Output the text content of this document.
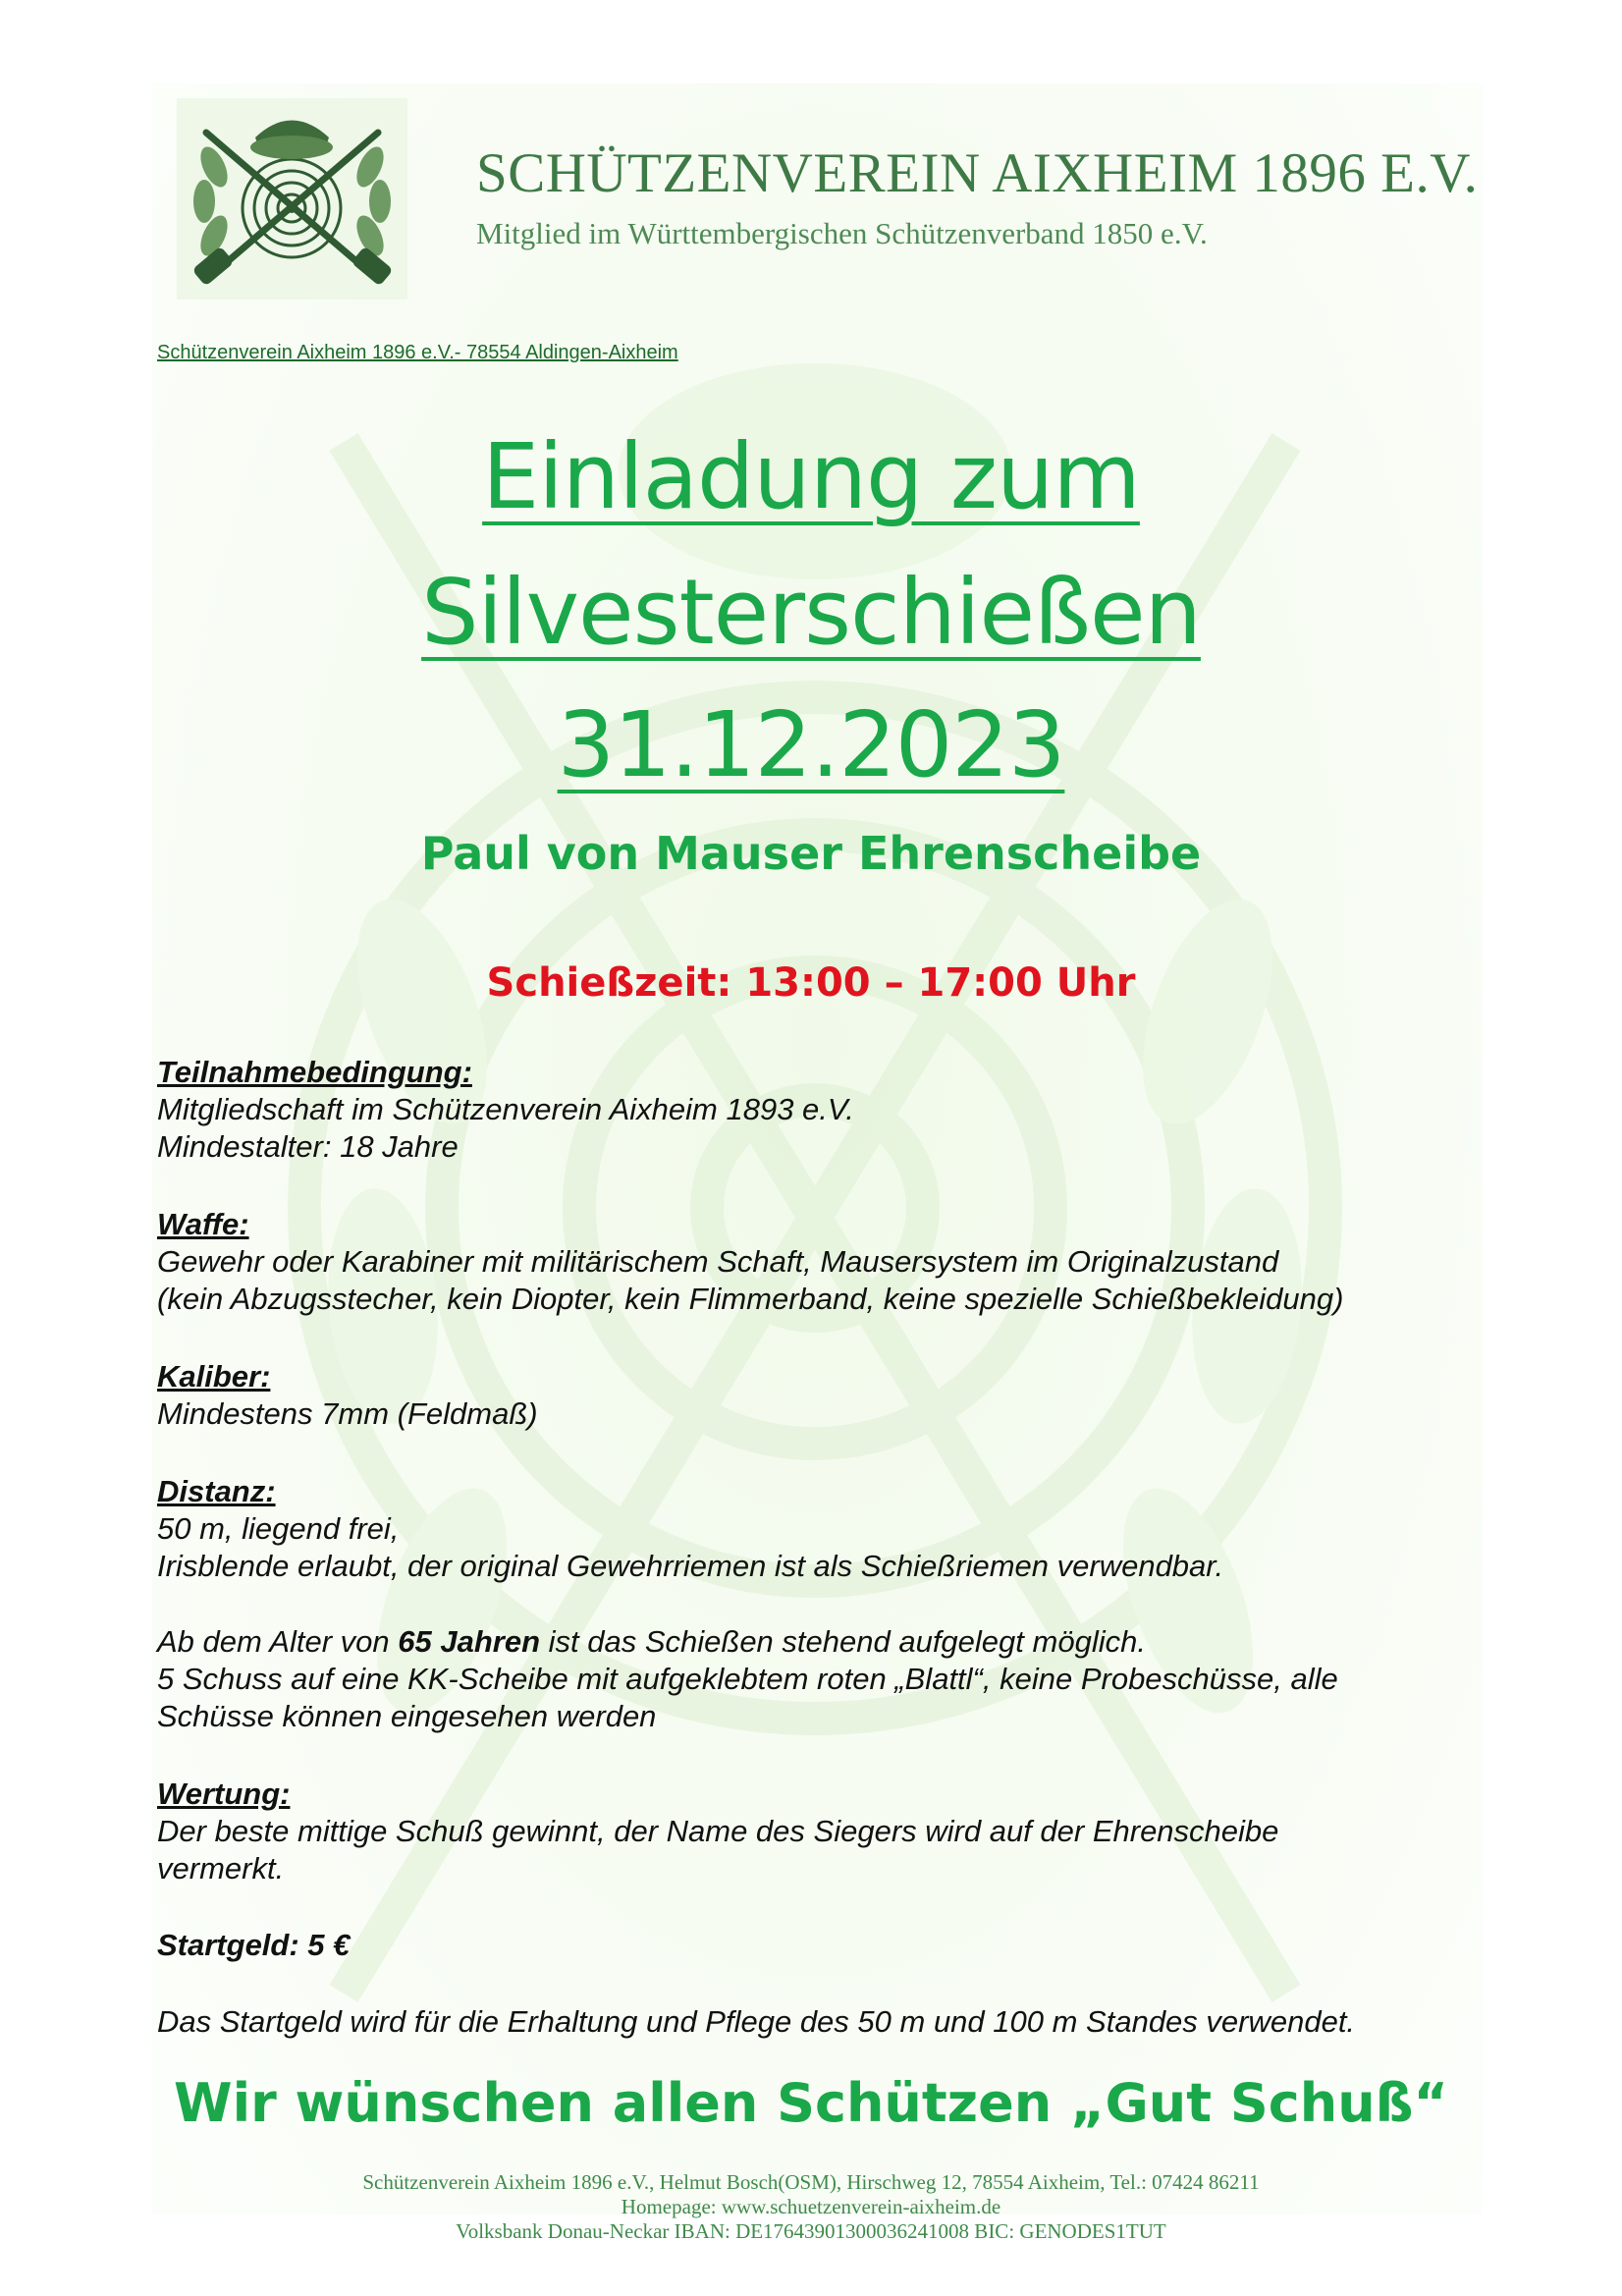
SCHÜTZENVEREIN AIXHEIM 1896 E.V.
Mitglied im Württembergischen Schützenverband 1850 e.V.
Schützenverein Aixheim 1896 e.V.- 78554 Aldingen-Aixheim
Einladung zum
Silvesterschießen
31.12.2023
Paul von Mauser Ehrenscheibe
Schießzeit: 13:00 – 17:00 Uhr
Teilnahmebedingung:
Mitgliedschaft im Schützenverein Aixheim 1893 e.V.
Mindestalter: 18 Jahre
Waffe:
Gewehr oder Karabiner mit militärischem Schaft, Mausersystem im Originalzustand
(kein Abzugsstecher, kein Diopter, kein Flimmerband, keine spezielle Schießbekleidung)
Kaliber:
Mindestens 7mm (Feldmaß)
Distanz:
50 m, liegend frei,
Irisblende erlaubt, der original Gewehrriemen ist als Schießriemen verwendbar.
Ab dem Alter von 65 Jahren ist das Schießen stehend aufgelegt möglich.
5 Schuss auf eine KK-Scheibe mit aufgeklebtem roten „Blattl“, keine Probeschüsse, alle
Schüsse können eingesehen werden
Wertung:
Der beste mittige Schuß gewinnt, der Name des Siegers wird auf der Ehrenscheibe
vermerkt.
Startgeld: 5 €
Das Startgeld wird für die Erhaltung und Pflege des 50 m und 100 m Standes verwendet.
Wir wünschen allen Schützen „Gut Schuß“
Schützenverein Aixheim 1896 e.V., Helmut Bosch(OSM), Hirschweg 12, 78554 Aixheim, Tel.: 07424 86211
Homepage: www.schuetzenverein-aixheim.de
Volksbank Donau-Neckar IBAN: DE17643901300036241008 BIC: GENODES1TUT
